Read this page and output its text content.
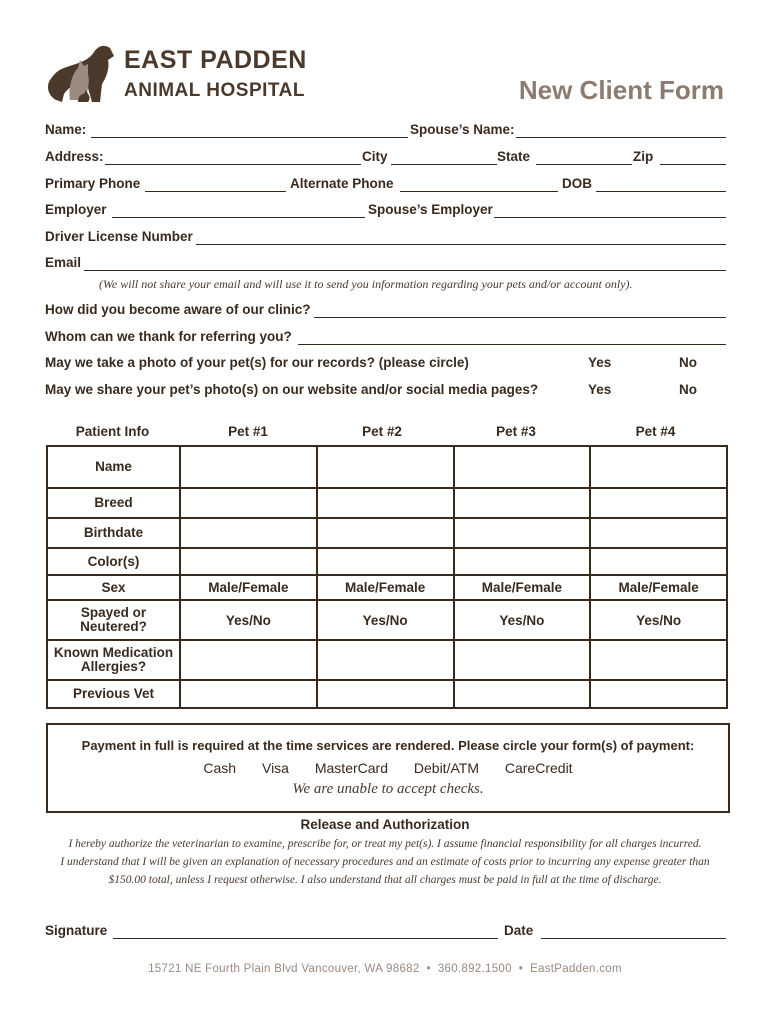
EAST PADDEN
ANIMAL HOSPITAL	New Client Form
Name:	Spouse’s Name:
Address:	City	State	Zip
Primary Phone	Alternate Phone	DOB
Employer	Spouse’s Employer
Driver License Number
Email
(We will not share your email and will use it to send you information regarding your pets and/or account only).
How did you become aware of our clinic?
Whom can we thank for referring you?
May we take a photo of your pet(s) for our records? (please circle)	Yes	No
May we share your pet’s photo(s) on our website and/or social media pages?	Yes	No
Patient Info	Pet #1	Pet #2	Pet #3	Pet #4
Name				
Breed				
Birthdate				
Color(s)				
Sex	Male/Female	Male/Female	Male/Female	Male/Female
Spayed or
Neutered?	Yes/No	Yes/No	Yes/No	Yes/No
Known Medication
Allergies?				
Previous Vet				
Payment in full is required at the time services are rendered. Please circle your form(s) of payment:
Cash Visa MasterCard Debit/ATM CareCredit
We are unable to accept checks.
Release and Authorization
I hereby authorize the veterinarian to examine, prescribe for, or treat my pet(s). I assume financial responsibility for all charges incurred.
I understand that I will be given an explanation of necessary procedures and an estimate of costs prior to incurring any expense greater than
$150.00 total, unless I request otherwise. I also understand that all charges must be paid in full at the time of discharge.
Signature	Date
15721 NE Fourth Plain Blvd Vancouver, WA 98682  •  360.892.1500  •  EastPadden.com
